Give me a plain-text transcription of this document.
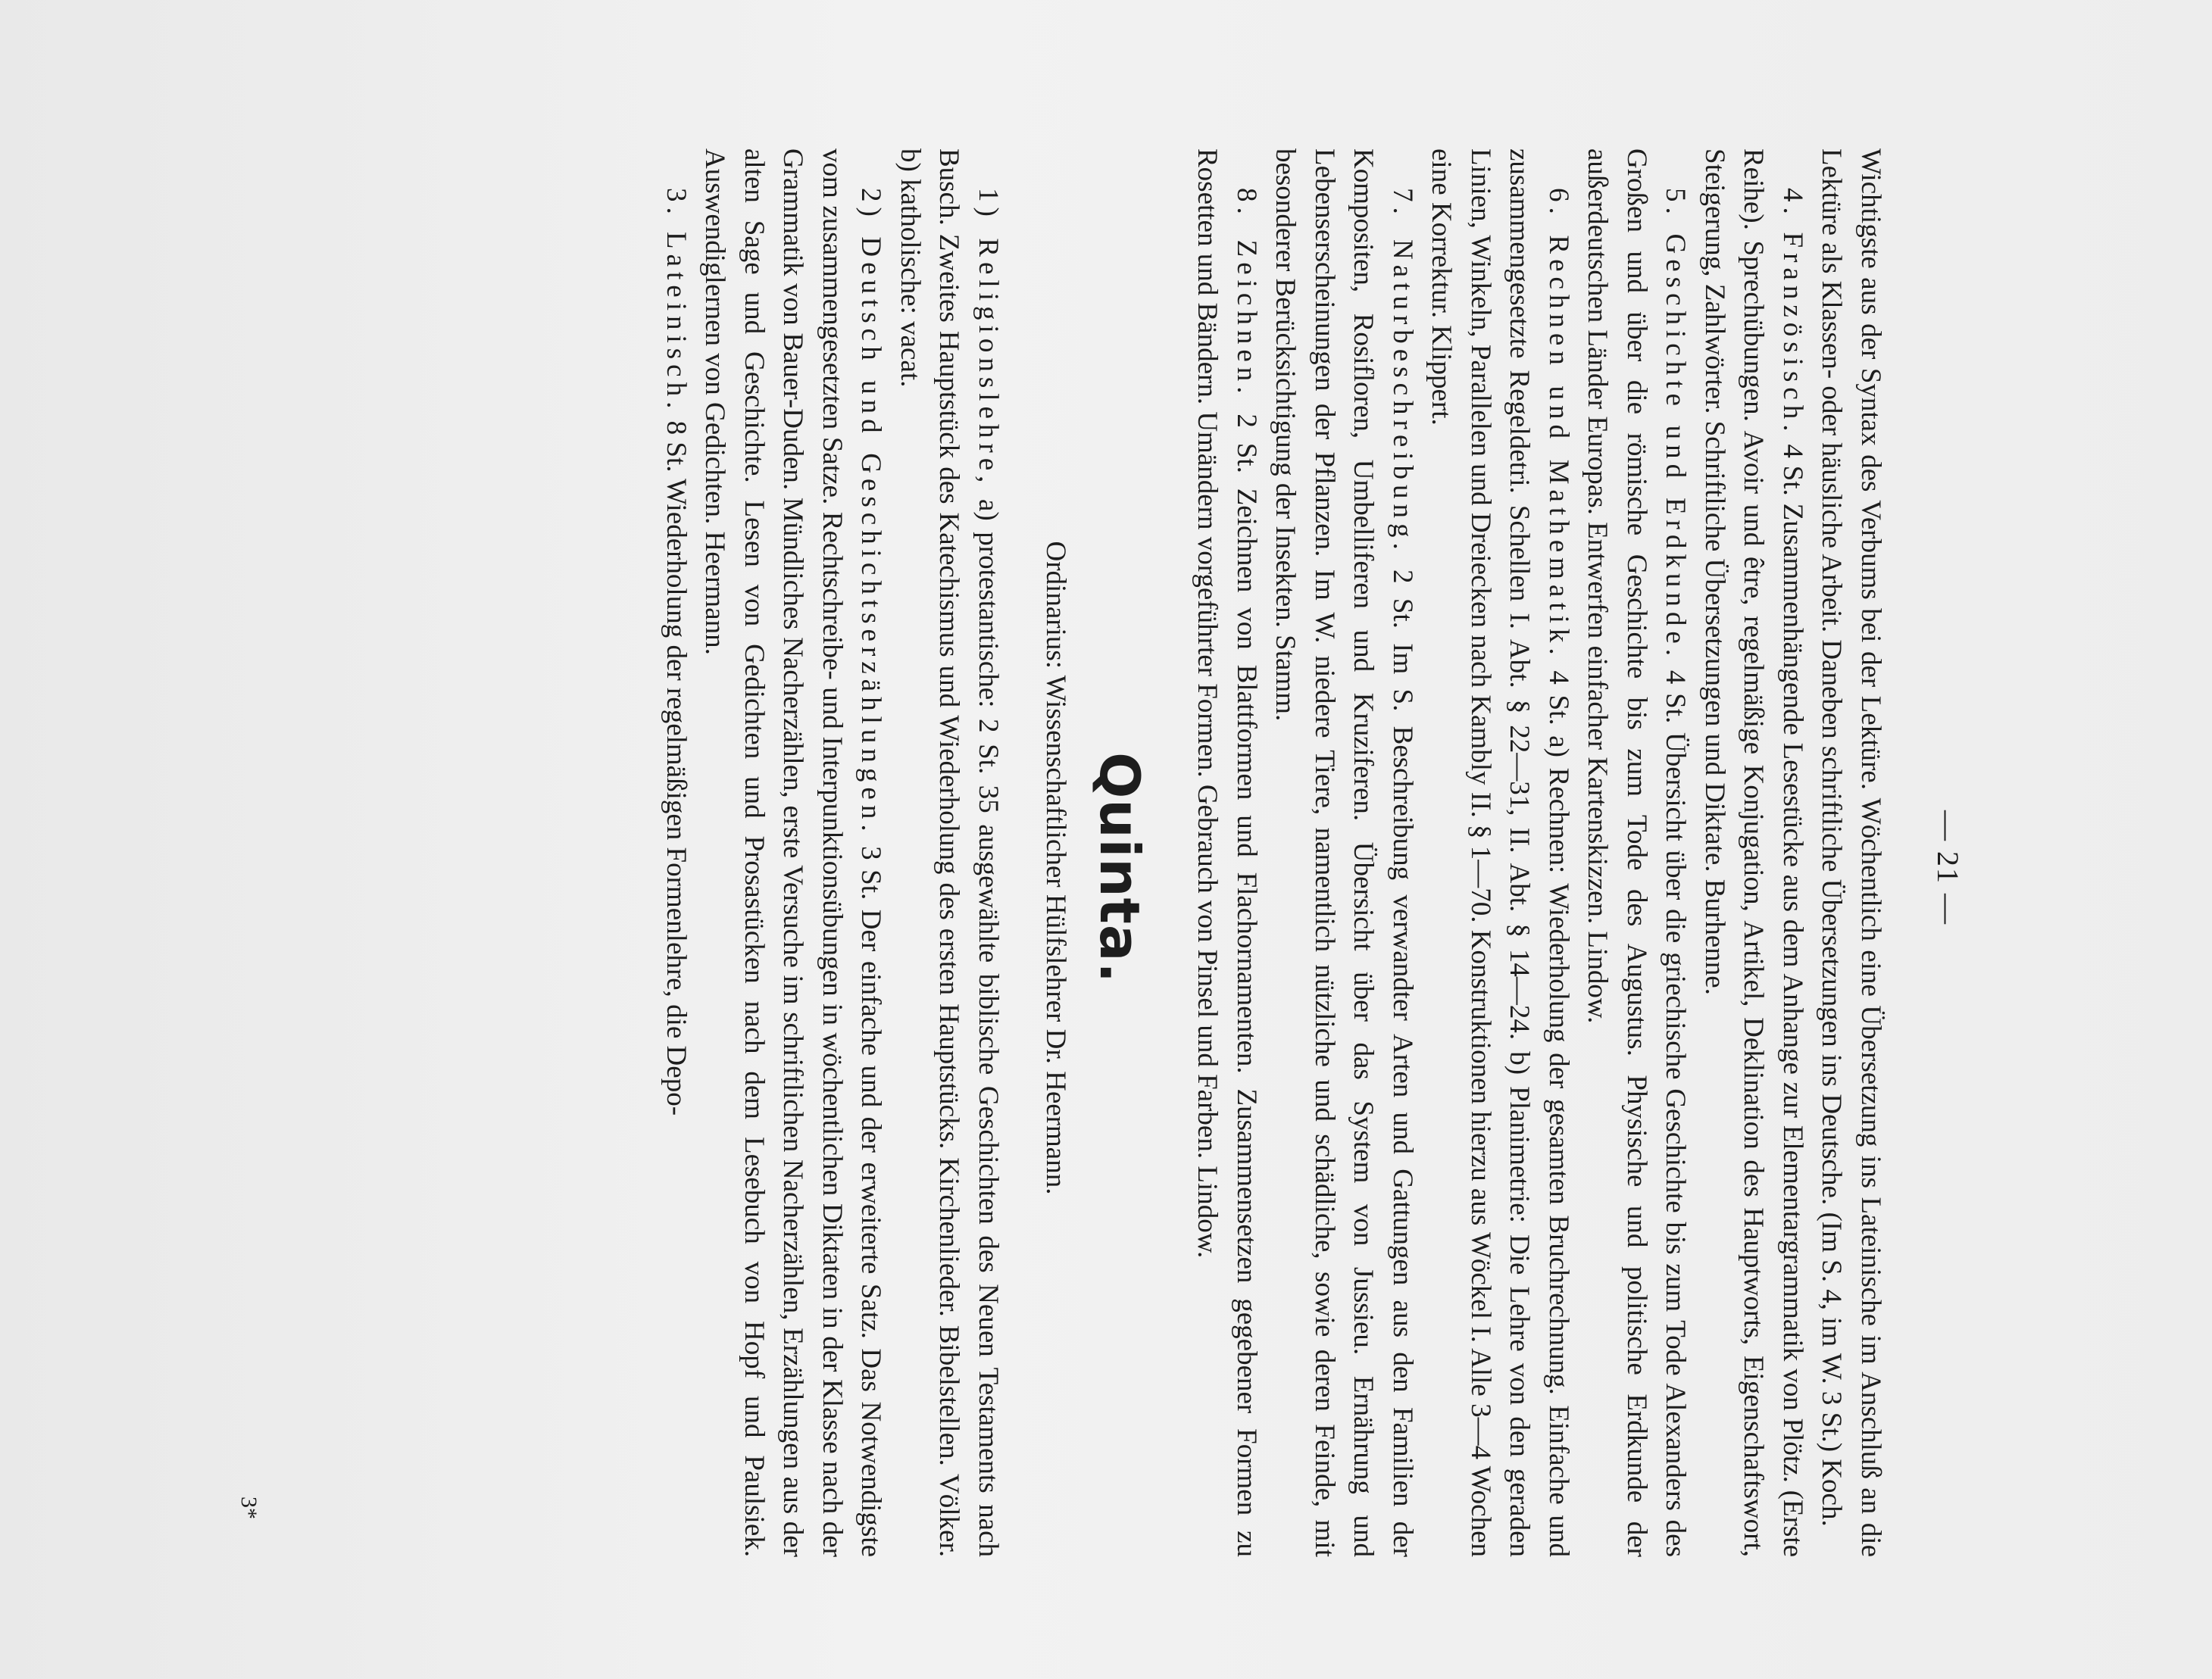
— 21 —

Wichtigste aus der Syntax des Verbums bei der Lektüre. Wöchentlich eine Übersetzung ins Lateinische im Anschluß an die Lektüre als Klassen- oder häusliche Arbeit. Daneben schriftliche Übersetzungen ins Deutsche. (Im S. 4, im W. 3 St.) Koch.

4. Französisch. 4 St. Zusammenhängende Lesestücke aus dem Anhange zur Elementargrammatik von Plötz. (Erste Reihe). Sprechübungen. Avoir und être, regelmäßige Konjugation, Artikel, Deklination des Hauptworts, Eigenschaftswort, Steigerung, Zahlwörter. Schriftliche Übersetzungen und Diktate. Burhenne.

5. Geschichte und Erdkunde. 4 St. Übersicht über die griechische Geschichte bis zum Tode Alexanders des Großen und über die römische Geschichte bis zum Tode des Augustus. Physische und politische Erdkunde der außerdeutschen Länder Europas. Entwerfen einfacher Kartenskizzen. Lindow.

6. Rechnen und Mathematik. 4 St. a) Rechnen: Wiederholung der gesamten Bruchrechnung. Einfache und zusammengesetzte Regeldetri. Schellen I. Abt. § 22—31, II. Abt. § 14—24. b) Planimetrie: Die Lehre von den geraden Linien, Winkeln, Parallelen und Dreiecken nach Kambly II. § 1—70. Konstruktionen hierzu aus Wöckel I. Alle 3—4 Wochen eine Korrektur. Klippert.

7. Naturbeschreibung. 2 St. Im S. Beschreibung verwandter Arten und Gattungen aus den Familien der Kompositen, Rosifloren, Umbelliferen und Kruziferen. Übersicht über das System von Jussieu. Ernährung und Lebenserscheinungen der Pflanzen. Im W. niedere Tiere, namentlich nützliche und schädliche, sowie deren Feinde, mit besonderer Berücksichtigung der Insekten. Stamm.

8. Zeichnen. 2 St. Zeichnen von Blattformen und Flachornamenten. Zusammensetzen gegebener Formen zu Rosetten und Bändern. Umändern vorgeführter Formen. Gebrauch von Pinsel und Farben. Lindow.

Quinta.
Ordinarius: Wissenschaftlicher Hülfslehrer Dr. Heermann.

1) Religionslehre, a) protestantische: 2 St. 35 ausgewählte biblische Geschichten des Neuen Testaments nach Busch. Zweites Hauptstück des Katechismus und Wiederholung des ersten Hauptstücks. Kirchenlieder. Bibelstellen. Völker. b) katholische: vacat.

2) Deutsch und Geschichtserzählungen. 3 St. Der einfache und der erweiterte Satz. Das Notwendigste vom zusammengesetzten Satze. Rechtschreibe- und Interpunktionsübungen in wöchentlichen Diktaten in der Klasse nach der Grammatik von Bauer-Duden. Mündliches Nacherzählen, erste Versuche im schriftlichen Nacherzählen, Erzählungen aus der alten Sage und Geschichte. Lesen von Gedichten und Prosastücken nach dem Lesebuch von Hopf und Paulsiek. Auswendiglernen von Gedichten. Heermann.

3. Lateinisch. 8 St. Wiederholung der regelmäßigen Formenlehre, die Depo-

3*
